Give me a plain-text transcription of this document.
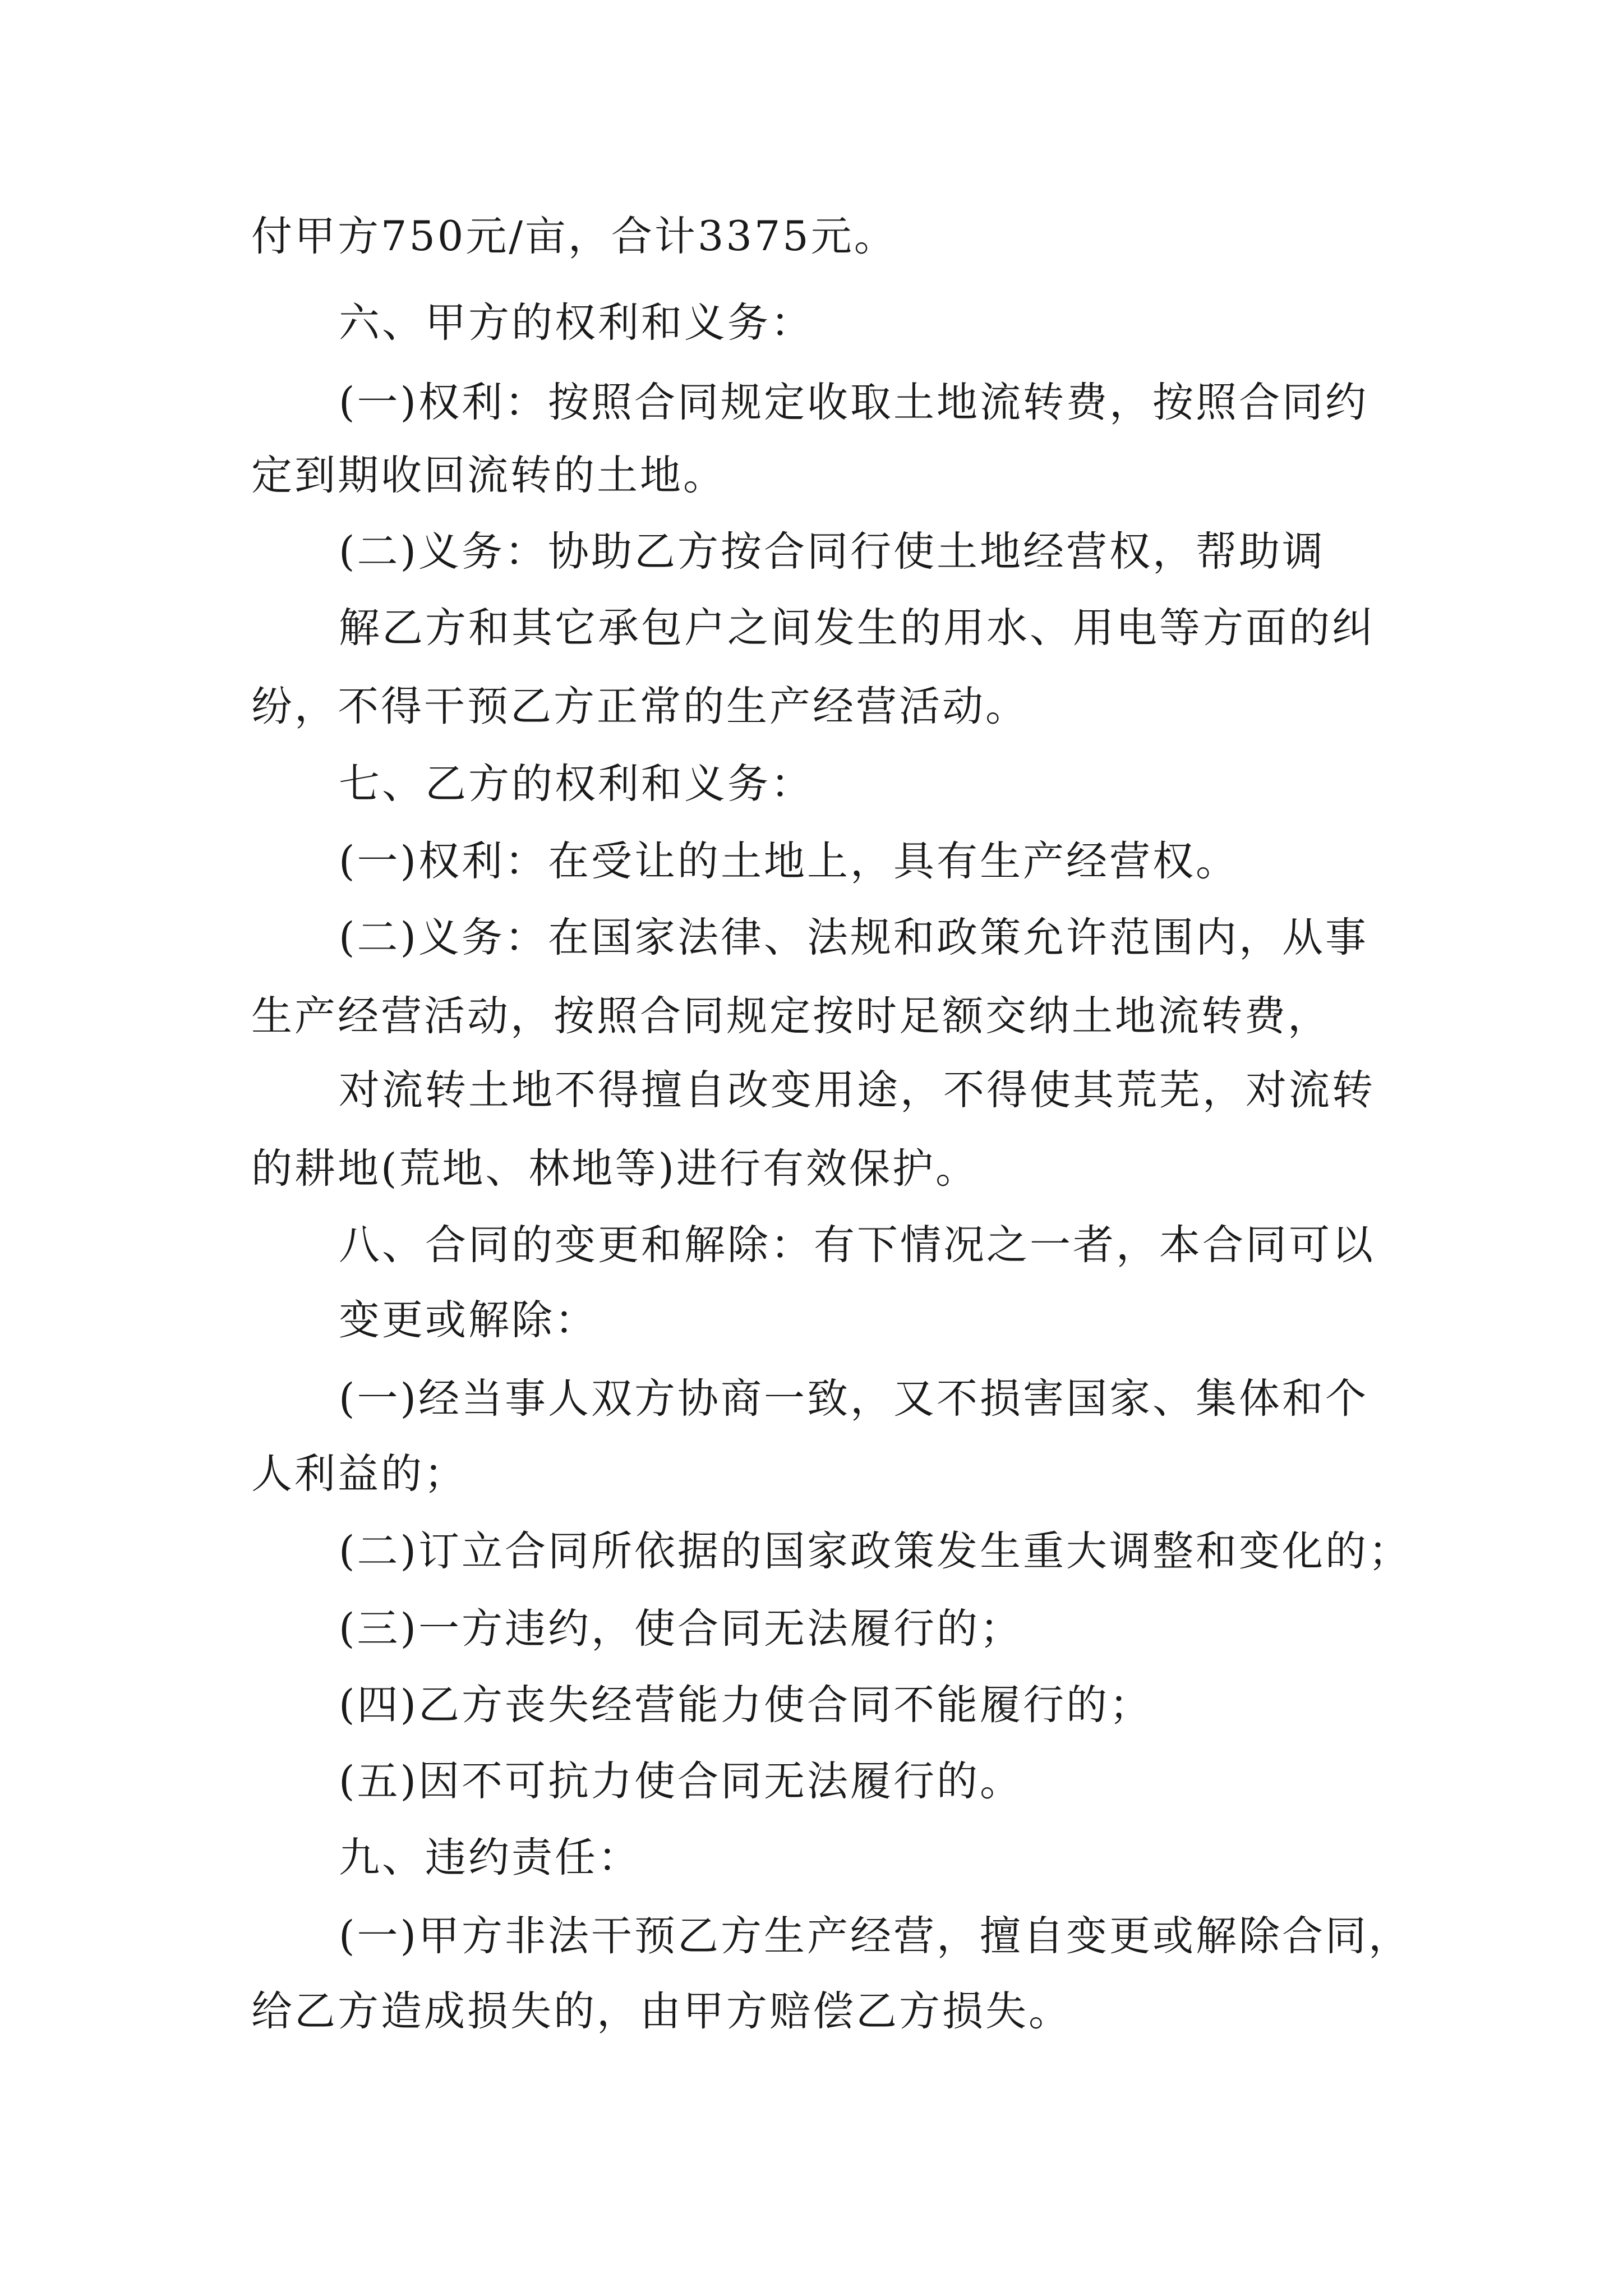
付甲方750元/亩，合计3375元。

六、甲方的权利和义务：

(一)权利：按照合同规定收取土地流转费，按照合同约

定到期收回流转的土地。

(二)义务：协助乙方按合同行使土地经营权，帮助调

解乙方和其它承包户之间发生的用水、用电等方面的纠

纷，不得干预乙方正常的生产经营活动。

七、乙方的权利和义务：

(一)权利：在受让的土地上，具有生产经营权。

(二)义务：在国家法律、法规和政策允许范围内，从事

生产经营活动，按照合同规定按时足额交纳土地流转费，

对流转土地不得擅自改变用途，不得使其荒芜，对流转

的耕地(荒地、林地等)进行有效保护。

八、合同的变更和解除：有下情况之一者，本合同可以

变更或解除：

(一)经当事人双方协商一致，又不损害国家、集体和个

人利益的；

(二)订立合同所依据的国家政策发生重大调整和变化的；

(三)一方违约，使合同无法履行的；

(四)乙方丧失经营能力使合同不能履行的；

(五)因不可抗力使合同无法履行的。

九、违约责任：

(一)甲方非法干预乙方生产经营，擅自变更或解除合同，

给乙方造成损失的，由甲方赔偿乙方损失。
